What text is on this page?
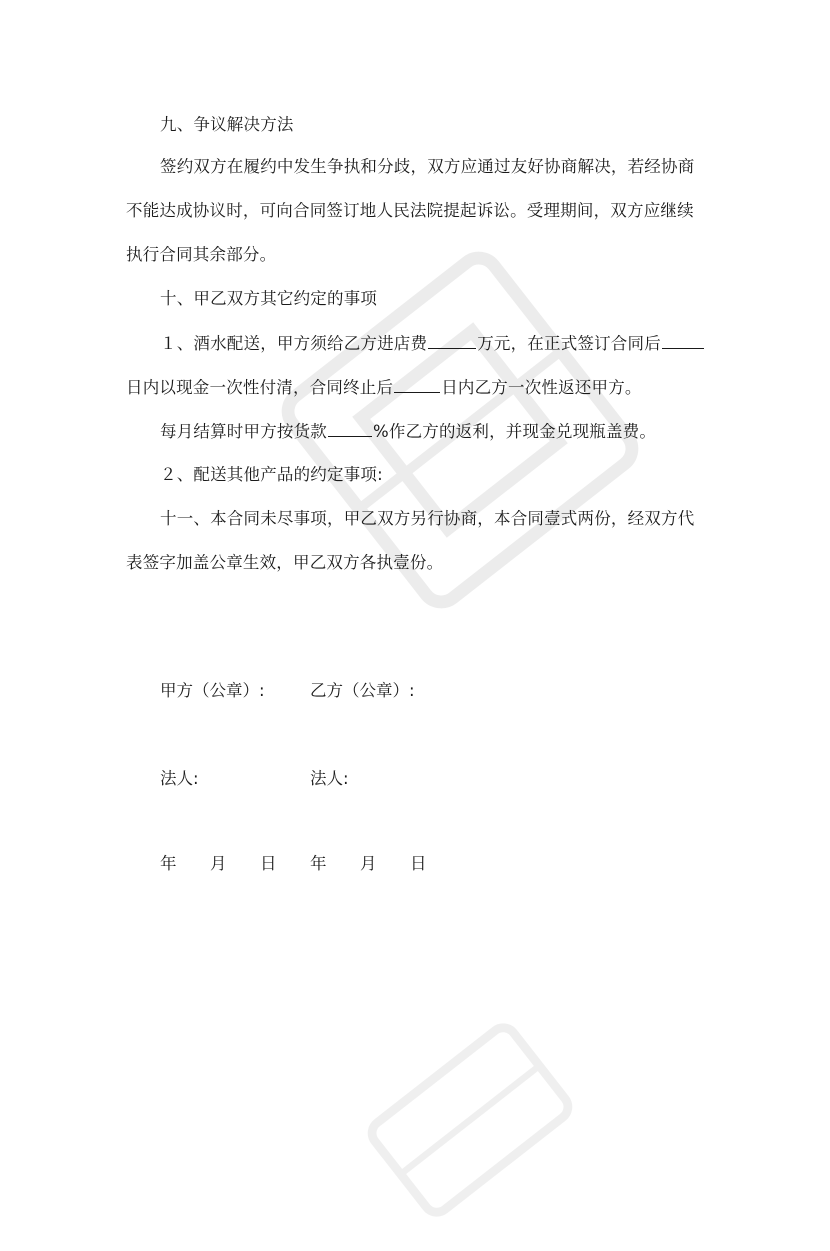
九、争议解决方法
签约双方在履约中发生争执和分歧，双方应通过友好协商解决，若经协商
不能达成协议时，可向合同签订地人民法院提起诉讼。受理期间，双方应继续
执行合同其余部分。
十、甲乙双方其它约定的事项
１、酒水配送，甲方须给乙方进店费	万元，在正式签订合同后
日内以现金一次性付清，合同终止后	日内乙方一次性返还甲方。
每月结算时甲方按货款	%作乙方的返利，并现金兑现瓶盖费。
２、配送其他产品的约定事项:
十一、本合同未尽事项，甲乙双方另行协商，本合同壹式两份，经双方代
表签字加盖公章生效，甲乙双方各执壹份。
甲方（公章）:	乙方（公章）:
法人:	法人:
年 月 日 年 月 日
